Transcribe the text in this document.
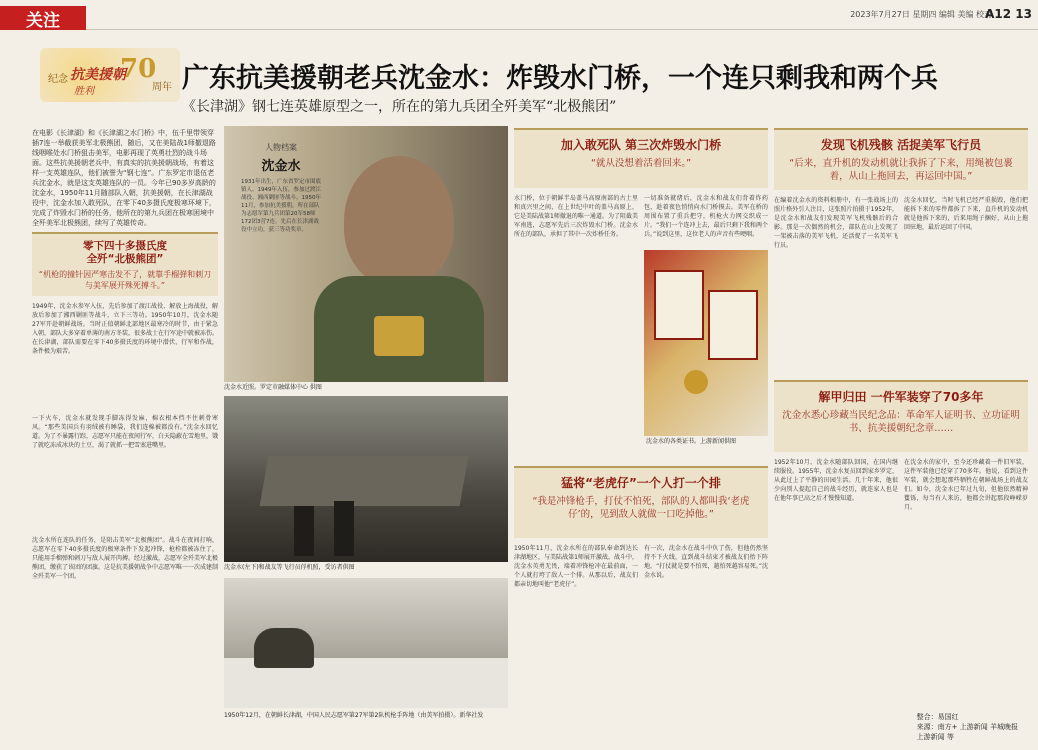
关注	2023年7月27日 星期四 编辑 美编 校对
A12 13
纪念 抗美援朝
胜利
70
周年 广东抗美援朝老兵沈金水：炸毁水门桥，一个连只剩我和两个兵
《长津湖》钢七连英雄原型之一，所在的第九兵团全歼美军“北极熊团”
在电影《长津湖》和《长津湖之水门桥》中，伍千里带领穿插7连一举截获美军北极熊团，随后，又在美陆战1师撤退路线咽喉处水门桥狙击美军，电影再现了英勇壮烈的战斗场面。这些抗美援朝老兵中，有真实的抗美援朝战场，有着这样一支英雄连队，他们被誉为“钢七连”。广东罗定市退伍老兵沈金水，就是这支英雄连队的一员。今年已90多岁高龄的沈金水，1950年11月随部队入朝，抗美援朝，在长津湖战役中，沈金水加入敢死队，在零下40多摄氏度极寒环境下，完成了炸毁水门桥的任务，他所在的第九兵团在极寒困境中全歼美军北极熊团，续写了英雄传奇。
零下四十多摄氏度
全歼“北极熊团”
“机枪的撞针因严寒击发不了，就靠手榴弹和刺刀与美军展开殊死搏斗。”
1949年，沈金水参军入伍，先后参加了渡江战役、解放上海战役，解放后参加了湘西剿匪等战斗，立下三等功。1950年10月，沈金水随27军开赴朝鲜战场。当时正值朝鲜北部地区最寒冷的时节，由于紧急入朝，部队大多穿着单薄的南方冬装，很多战士在行军途中就被冻伤。在长津湖，部队需要在零下40多摄氏度的环境中潜伏、行军和作战，条件极为艰苦。
一下火车，沈金水就发现手脚冻得发麻，棉衣根本挡不住刺骨寒风。“那些美国兵有羽绒被有睡袋，我们连棉被都没有。”沈金水回忆道。为了不暴露行踪，志愿军只能在夜间行军，白天隐蔽在雪地里，饿了就吃冻成冰块的土豆，渴了就抓一把雪塞进嘴里。
沈金水所在连队的任务，是阻击美军“北极熊团”。战斗在夜间打响，志愿军在零下40多摄氏度的极寒条件下发起冲锋，枪栓都被冻住了，只能用手榴弹和刺刀与敌人展开肉搏。经过激战，志愿军全歼美军北极熊团，缴获了该团的团旗。这是抗美援朝战争中志愿军唯一一次成建制全歼美军一个团。
人物档案
沈金水
1931年出生，广东省罗定市围底镇人。1949年入伍，参加过渡江战役、湘西剿匪等战斗。1950年11月，参加抗美援朝，所在部队为志愿军第九兵团第20军58师172团3营7连。先后在长津湖战役中立功，获三等功奖章。
沈金水近照。罗定市融媒体中心 供图
沈金水(左下)和战友等飞行员俘机照，受访者供图
1950年12月，在朝鲜长津湖，中国人民志愿军第27军第2队机枪手阵地（由美军拍摄）。新华社发
加入敢死队 第三次炸毁水门桥
“就从没想着活着回来。”
水门桥，位于朝鲜半岛盖马高原南部的古土里和真兴里之间，在上世纪中叶的盖马高原上，它是美陆战第1师撤退的唯一通道。为了阻截美军南逃，志愿军先后三次炸毁水门桥。沈金水所在的部队，承担了其中一次炸桥任务。
一切准备就绪后，沈金水和战友们背着炸药包，趁着夜色悄悄向水门桥摸去。美军在桥的周围布置了重兵把守，机枪火力网交织成一片。“我们一个连冲上去，最后只剩下我和两个兵。”说到这里，这位老人的声音有些哽咽。
沈金水的各类证书。上游新闻供图
猛将“老虎仔”一个人打一个排
“我是冲锋枪手，打仗不怕死，部队的人都叫我‘老虎仔’的，见到敌人就做一口吃掉他。”
1950年11月，沈金水所在的部队奉命到达长津湖地区，与美陆战第1师展开激战。战斗中，沈金水英勇无畏，端着冲锋枪冲在最前面，一个人就打垮了敌人一个排。从那以后，战友们都亲切地叫他“老虎仔”。
有一次，沈金水在战斗中负了伤，但他仍然坚持不下火线，直到战斗结束才被战友们抬下阵地。“打仗就是要不怕死，越怕死越容易死。”沈金水说。
发现飞机残骸 活捉美军飞行员
“后来，直升机的发动机就让我拆了下来，用绳被包裹着，从山上拖回去，再运回中国。”
在编着沈金水的资料相册中，有一张战场上的照片格外引人注目，这张照片拍摄于1952年，是沈金水和战友们发现美军飞机残骸后的合影。那是一次偶然的机会，部队在山上发现了一架被击落的美军飞机，还活捉了一名美军飞行员。
沈金水回忆，当时飞机已经严重损毁，他们把能拆下来的零件都拆了下来，直升机的发动机就是他拆下来的，后来用绳子捆好，从山上拖回驻地，最后运回了中国。
解甲归田 一件军装穿了70多年
沈金水悉心珍藏当民纪念品：革命军人证明书、立功证明书、抗美援朝纪念章……
1952年10月，沈金水随部队回国，在国内继续服役。1955年，沈金水复员回到家乡罗定，从此过上了平静的田园生活。几十年来，他很少向别人提起自己的战斗经历，就连家人也是在他年事已高之后才慢慢知道。
在沈金水的家中，至今还珍藏着一件旧军装，这件军装他已经穿了70多年。他说，看到这件军装，就会想起那些牺牲在朝鲜战场上的战友们。如今，沈金水已年过九旬，但他依然精神矍铄，每当有人来访，他都会讲起那段峥嵘岁月。
整合：易国红
来源：南方+ 上游新闻 羊城晚报
上游新闻 等
